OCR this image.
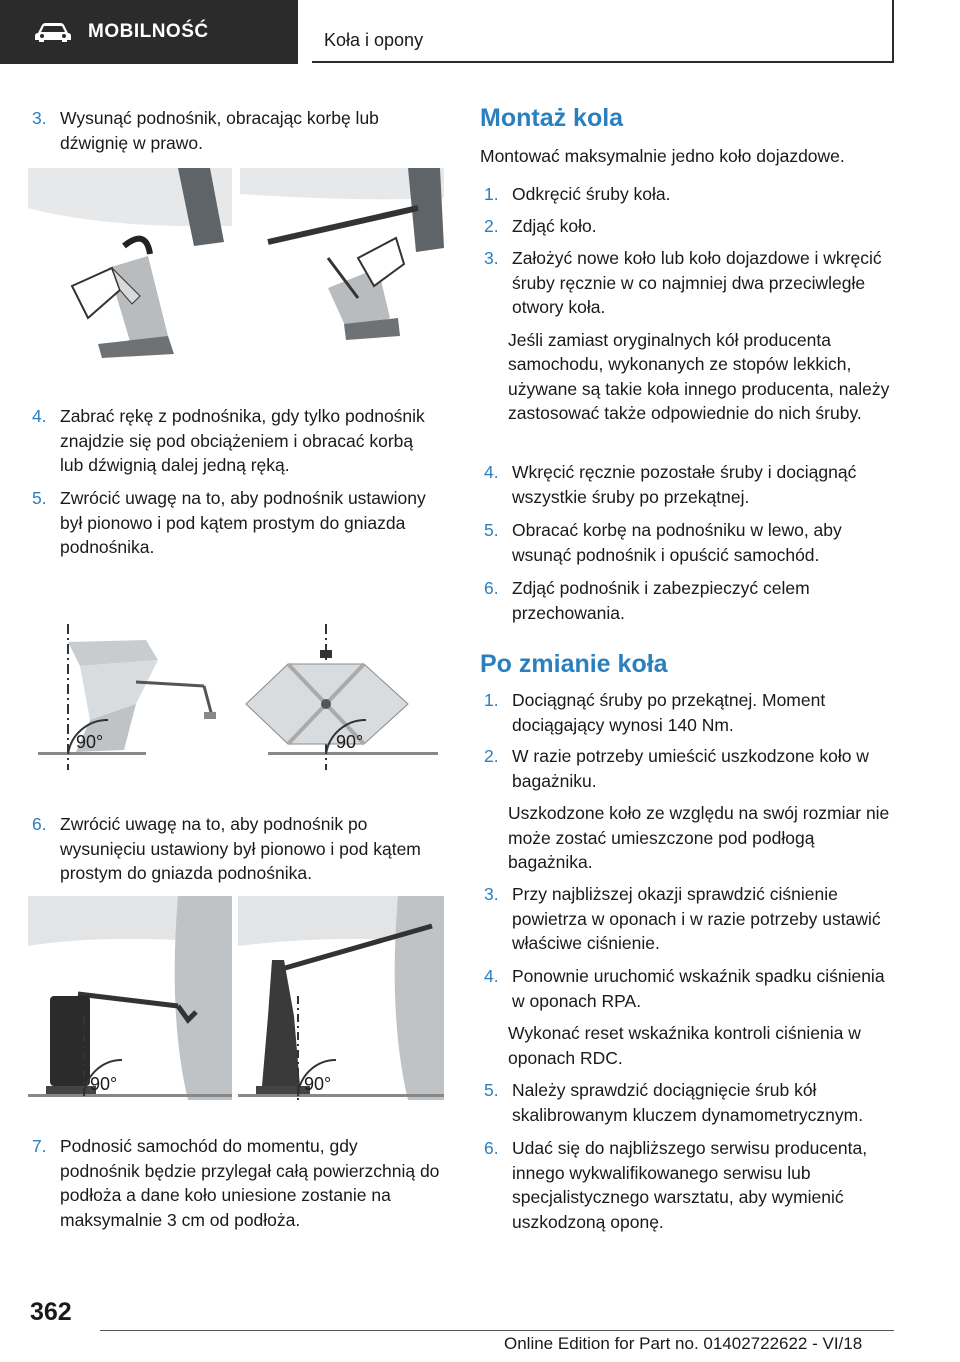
MOBILNOŚĆ	Koła i opony
3. Wysunąć podnośnik, obracając korbę lub dźwignię w prawo.
4. Zabrać rękę z podnośnika, gdy tylko podnośnik znajdzie się pod obciążeniem i obracać korbą lub dźwignią dalej jedną ręką.
5. Zwrócić uwagę na to, aby podnośnik ustawiony był pionowo i pod kątem prostym do gniazda podnośnika.
90°	90°
6. Zwrócić uwagę na to, aby podnośnik po wysunięciu ustawiony był pionowo i pod kątem prostym do gniazda podnośnika.
90°	90°
7. Podnosić samochód do momentu, gdy podnośnik będzie przylegał całą powierzchnią do podłoża a dane koło uniesione zostanie na maksymalnie 3 cm od podłoża.
Montaż kola
Montować maksymalnie jedno koło dojazdowe.
1. Odkręcić śruby koła.
2. Zdjąć koło.
3. Założyć nowe koło lub koło dojazdowe i wkręcić śruby ręcznie w co najmniej dwa przeciwległe otwory koła.
Jeśli zamiast oryginalnych kół producenta samochodu, wykonanych ze stopów lekkich, używane są takie koła innego producenta, należy zastosować także odpowiednie do nich śruby.
4. Wkręcić ręcznie pozostałe śruby i dociągnąć wszystkie śruby po przekątnej.
5. Obracać korbę na podnośniku w lewo, aby wsunąć podnośnik i opuścić samochód.
6. Zdjąć podnośnik i zabezpieczyć celem przechowania.
Po zmianie koła
1. Dociągnąć śruby po przekątnej. Moment dociągający wynosi 140 Nm.
2. W razie potrzeby umieścić uszkodzone koło w bagażniku.
Uszkodzone koło ze względu na swój rozmiar nie może zostać umieszczone pod podłogą bagażnika.
3. Przy najbliższej okazji sprawdzić ciśnienie powietrza w oponach i w razie potrzeby ustawić właściwe ciśnienie.
4. Ponownie uruchomić wskaźnik spadku ciśnienia w oponach RPA.
Wykonać reset wskaźnika kontroli ciśnienia w oponach RDC.
5. Należy sprawdzić dociągnięcie śrub kół skalibrowanym kluczem dynamometrycznym.
6. Udać się do najbliższego serwisu producenta, innego wykwalifikowanego serwisu lub specjalistycznego warsztatu, aby wymienić uszkodzoną oponę.
362
Online Edition for Part no. 01402722622 - VI/18
